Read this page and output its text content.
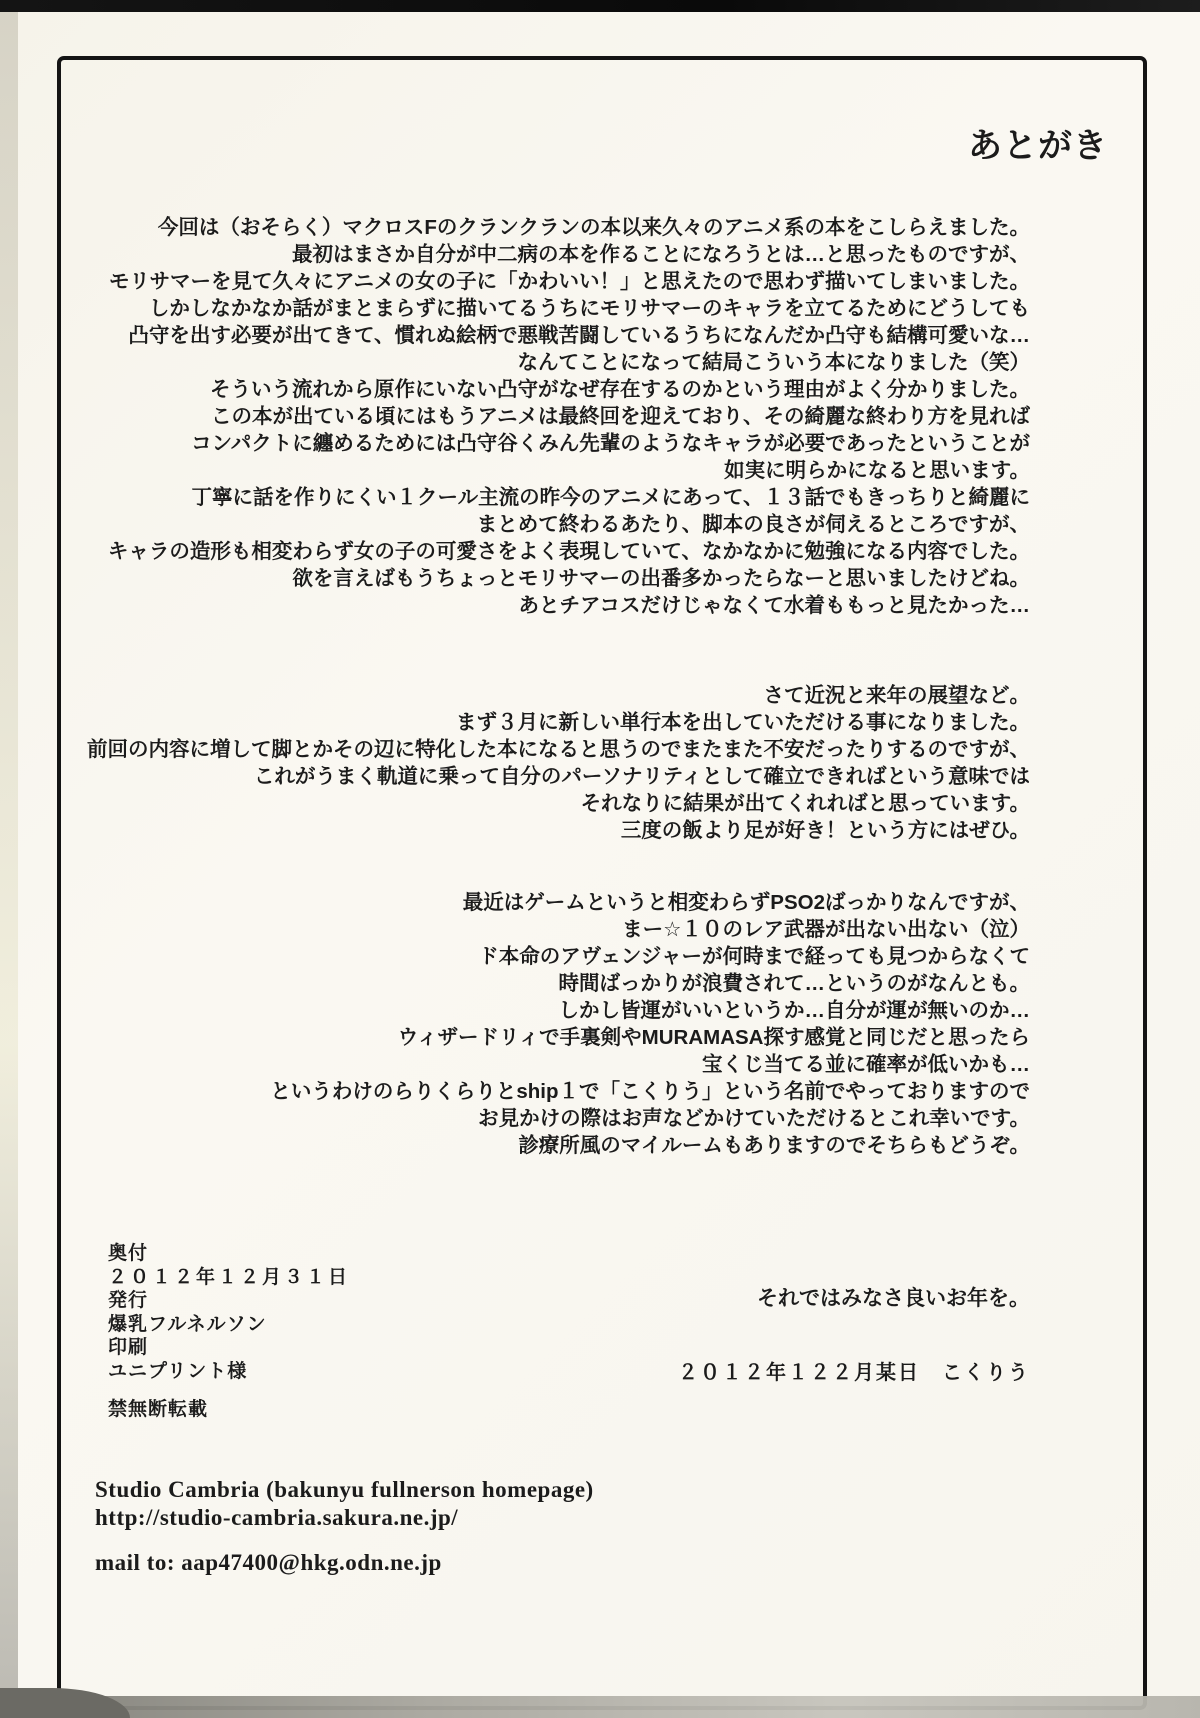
あとがき
今回は（おそらく）マクロスFのクランクランの本以来久々のアニメ系の本をこしらえました。
最初はまさか自分が中二病の本を作ることになろうとは…と思ったものですが、
モリサマーを見て久々にアニメの女の子に「かわいい！」と思えたので思わず描いてしまいました。
しかしなかなか話がまとまらずに描いてるうちにモリサマーのキャラを立てるためにどうしても
凸守を出す必要が出てきて、慣れぬ絵柄で悪戦苦闘しているうちになんだか凸守も結構可愛いな…
なんてことになって結局こういう本になりました（笑）
そういう流れから原作にいない凸守がなぜ存在するのかという理由がよく分かりました。
この本が出ている頃にはもうアニメは最終回を迎えており、その綺麗な終わり方を見れば
コンパクトに纏めるためには凸守谷くみん先輩のようなキャラが必要であったということが
如実に明らかになると思います。
丁寧に話を作りにくい１クール主流の昨今のアニメにあって、１３話でもきっちりと綺麗に
まとめて終わるあたり、脚本の良さが伺えるところですが、
キャラの造形も相変わらず女の子の可愛さをよく表現していて、なかなかに勉強になる内容でした。
欲を言えばもうちょっとモリサマーの出番多かったらなーと思いましたけどね。
あとチアコスだけじゃなくて水着ももっと見たかった…
さて近況と来年の展望など。
まず３月に新しい単行本を出していただける事になりました。
前回の内容に増して脚とかその辺に特化した本になると思うのでまたまた不安だったりするのですが、
これがうまく軌道に乗って自分のパーソナリティとして確立できればという意味では
それなりに結果が出てくれればと思っています。
三度の飯より足が好き！という方にはぜひ。
最近はゲームというと相変わらずPSO2ばっかりなんですが、
まー☆１０のレア武器が出ない出ない（泣）
ド本命のアヴェンジャーが何時まで経っても見つからなくて
時間ばっかりが浪費されて…というのがなんとも。
しかし皆運がいいというか…自分が運が無いのか…
ウィザードリィで手裏剣やMURAMASA探す感覚と同じだと思ったら
宝くじ当てる並に確率が低いかも…
というわけのらりくらりとship１で「こくりう」という名前でやっておりますので
お見かけの際はお声などかけていただけるとこれ幸いです。
診療所風のマイルームもありますのでそちらもどうぞ。
奥付
２０１２年１２月３１日
発行
爆乳フルネルソン
印刷
ユニプリント様
禁無断転載
それではみなさ良いお年を。
２０１２年１２２月某日　こくりう
Studio Cambria (bakunyu fullnerson homepage)
http://studio-cambria.sakura.ne.jp/
mail to: aap47400@hkg.odn.ne.jp
